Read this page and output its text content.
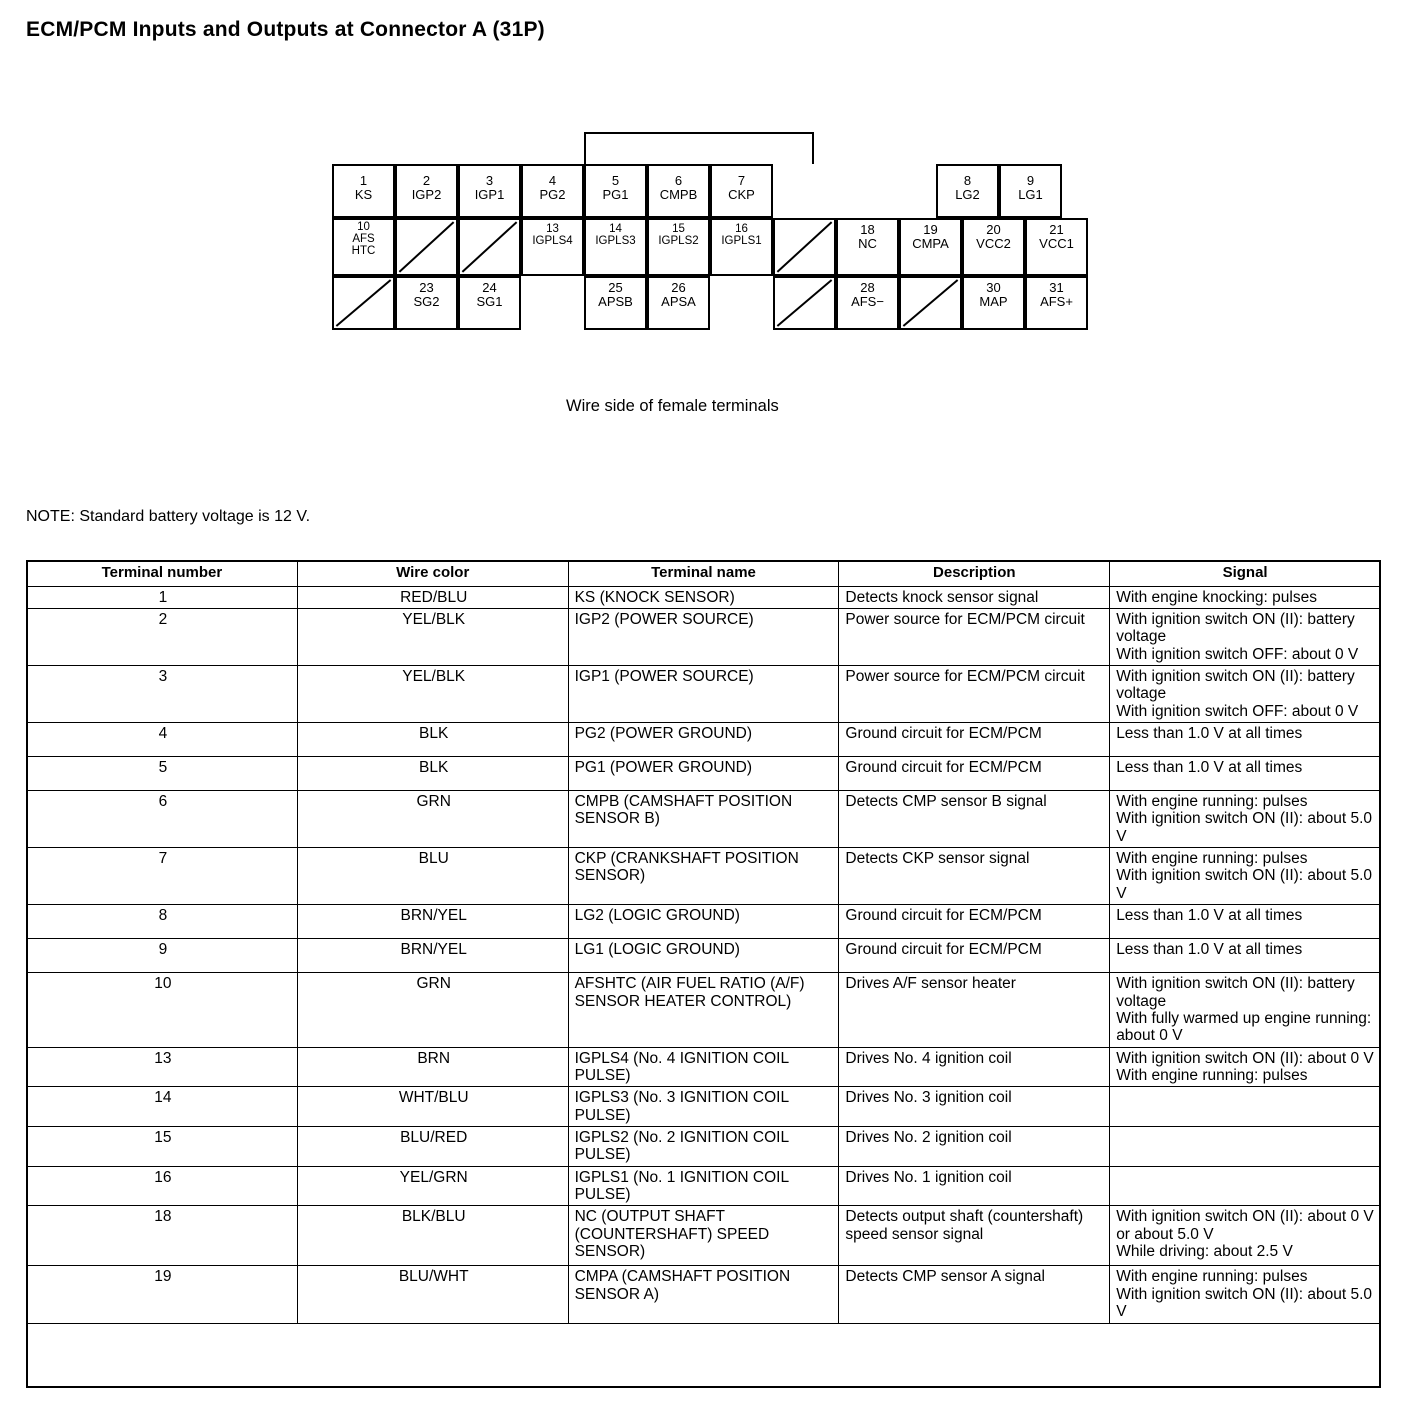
ECM/PCM Inputs and Outputs at Connector A (31P)
1
KS
2
IGP2
3
IGP1
4
PG2
5
PG1
6
CMPB
7
CKP
8
LG2
9
LG1
10
AFS
HTC
13
IGPLS4
14
IGPLS3
15
IGPLS2
16
IGPLS1
18
NC
19
CMPA
20
VCC2
21
VCC1
23
SG2
24
SG1
25
APSB
26
APSA
28
AFS−
30
MAP
31
AFS+
Wire side of female terminals
NOTE: Standard battery voltage is 12 V.
Terminal number	Wire color	Terminal name	Description	Signal

1	RED/BLU	KS (KNOCK SENSOR)	Detects knock sensor signal	With engine knocking: pulses

2	YEL/BLK	IGP2 (POWER SOURCE)	Power source for ECM/PCM circuit	With ignition switch ON (II): battery voltage
With ignition switch OFF: about 0 V

3	YEL/BLK	IGP1 (POWER SOURCE)	Power source for ECM/PCM circuit	With ignition switch ON (II): battery voltage
With ignition switch OFF: about 0 V

4	BLK	PG2 (POWER GROUND)	Ground circuit for ECM/PCM	Less than 1.0 V at all times

5	BLK	PG1 (POWER GROUND)	Ground circuit for ECM/PCM	Less than 1.0 V at all times

6	GRN	CMPB (CAMSHAFT POSITION SENSOR B)	Detects CMP sensor B signal	With engine running: pulses
With ignition switch ON (II): about 5.0 V

7	BLU	CKP (CRANKSHAFT POSITION SENSOR)	Detects CKP sensor signal	With engine running: pulses
With ignition switch ON (II): about 5.0 V

8	BRN/YEL	LG2 (LOGIC GROUND)	Ground circuit for ECM/PCM	Less than 1.0 V at all times

9	BRN/YEL	LG1 (LOGIC GROUND)	Ground circuit for ECM/PCM	Less than 1.0 V at all times

10	GRN	AFSHTC (AIR FUEL RATIO (A/F) SENSOR HEATER CONTROL)	Drives A/F sensor heater	With ignition switch ON (II): battery voltage
With fully warmed up engine running: about 0 V

13	BRN	IGPLS4 (No. 4 IGNITION COIL PULSE)	Drives No. 4 ignition coil	With ignition switch ON (II): about 0 V
With engine running: pulses

14	WHT/BLU	IGPLS3 (No. 3 IGNITION COIL PULSE)	Drives No. 3 ignition coil	

15	BLU/RED	IGPLS2 (No. 2 IGNITION COIL PULSE)	Drives No. 2 ignition coil	

16	YEL/GRN	IGPLS1 (No. 1 IGNITION COIL PULSE)	Drives No. 1 ignition coil	

18	BLK/BLU	NC (OUTPUT SHAFT (COUNTERSHAFT) SPEED SENSOR)	Detects output shaft (countershaft) speed sensor signal	With ignition switch ON (II): about 0 V or about 5.0 V
While driving: about 2.5 V

19	BLU/WHT	CMPA (CAMSHAFT POSITION SENSOR A)	Detects CMP sensor A signal	With engine running: pulses
With ignition switch ON (II): about 5.0 V
